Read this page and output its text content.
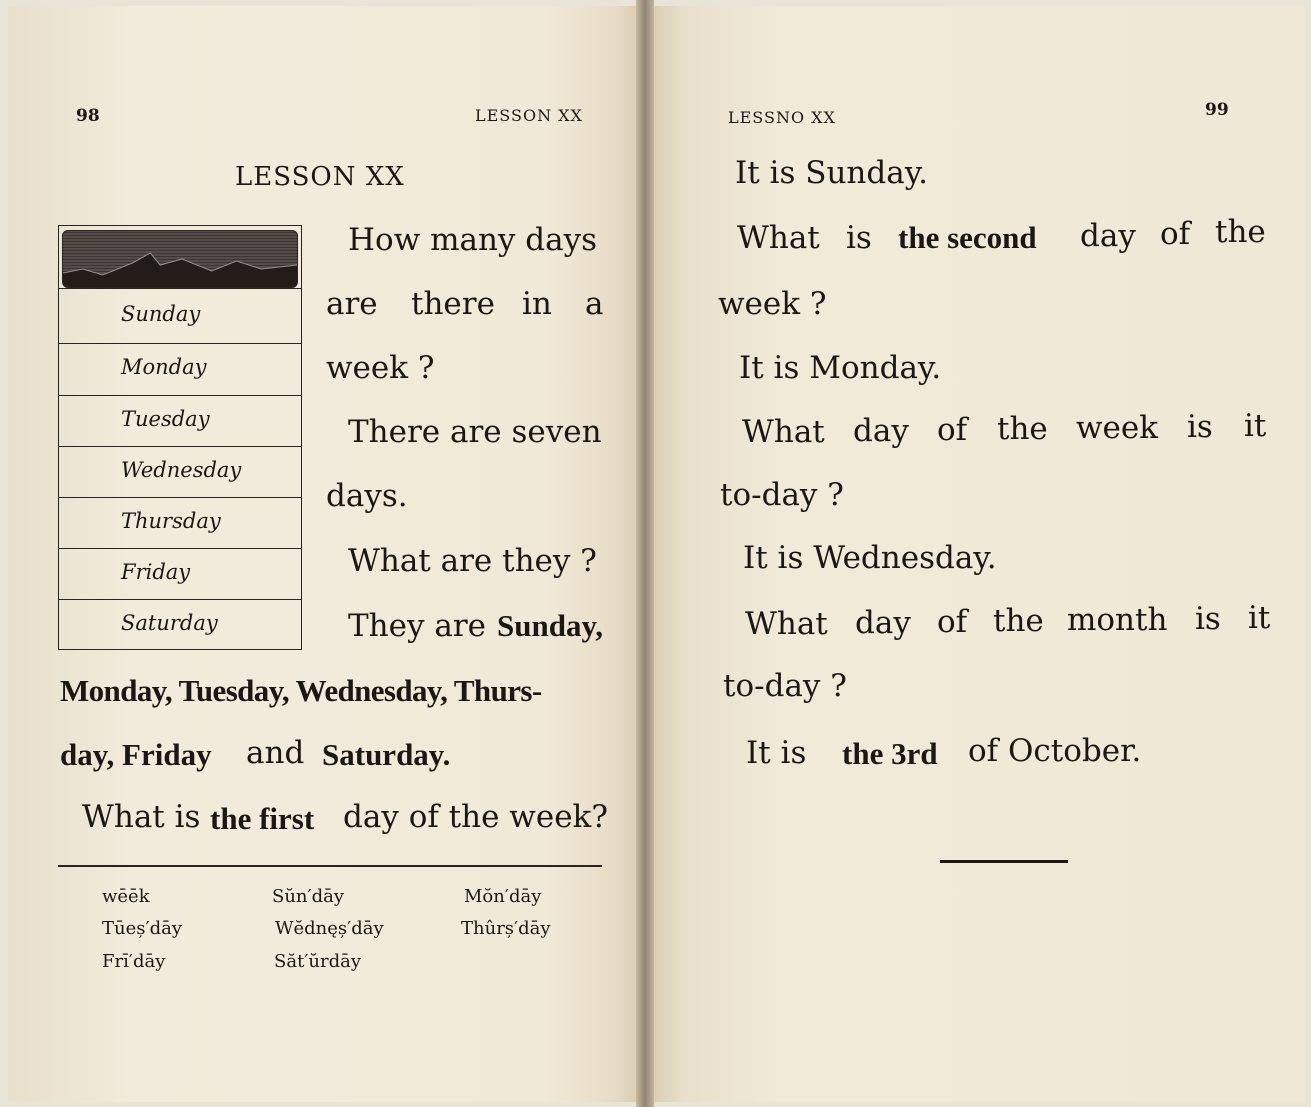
98	LESSON XX
LESSON XX
Sunday
Monday
Tuesday
Wednesday
Thursday
Friday
Saturday
How many days
are there in a
week ?
There are seven
days.
What are they ?
They are Sunday,
Monday, Tuesday, Wednesday, Thurs-
day, Friday and Saturday.
What is the first day of the week?
wēēk	Sŭn′dāy	Mŏn′dāy
Tūeș′dāy	Wĕdnęș′dāy	Thûrș′dāy
Frī′dāy	Săt′ŭrdāy
LESSNO XX	99
It is Sunday.
What is the second day of the
week ?
It is Monday.
What day of the week is it
to-day ?
It is Wednesday.
What day of the month is it
to-day ?
It is the 3rd of October.
